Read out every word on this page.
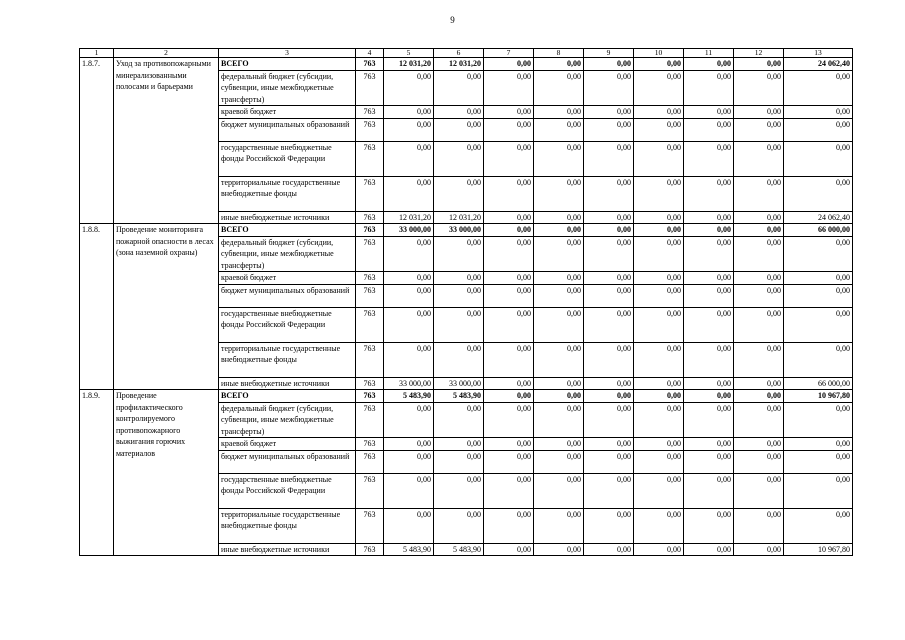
9
1	2	3	4	5	6	7	8	9	10	11	12	13
1.8.7.	Уход за противопожарными минерализованными полосами и барьерами	ВСЕГО	763	12 031,20	12 031,20	0,00	0,00	0,00	0,00	0,00	0,00	24 062,40
		федеральный бюджет (субсидии, субвенции, иные межбюджетные трансферты)	763	0,00	0,00	0,00	0,00	0,00	0,00	0,00	0,00	0,00
		краевой бюджет	763	0,00	0,00	0,00	0,00	0,00	0,00	0,00	0,00	0,00
		бюджет муниципальных образований	763	0,00	0,00	0,00	0,00	0,00	0,00	0,00	0,00	0,00
		государственные внебюджетные фонды Российской Федерации	763	0,00	0,00	0,00	0,00	0,00	0,00	0,00	0,00	0,00
		территориальные государственные внебюджетные фонды	763	0,00	0,00	0,00	0,00	0,00	0,00	0,00	0,00	0,00
		иные внебюджетные источники	763	12 031,20	12 031,20	0,00	0,00	0,00	0,00	0,00	0,00	24 062,40
1.8.8.	Проведение мониторинга пожарной опасности в лесах (зона наземной охраны)	ВСЕГО	763	33 000,00	33 000,00	0,00	0,00	0,00	0,00	0,00	0,00	66 000,00
		федеральный бюджет (субсидии, субвенции, иные межбюджетные трансферты)	763	0,00	0,00	0,00	0,00	0,00	0,00	0,00	0,00	0,00
		краевой бюджет	763	0,00	0,00	0,00	0,00	0,00	0,00	0,00	0,00	0,00
		бюджет муниципальных образований	763	0,00	0,00	0,00	0,00	0,00	0,00	0,00	0,00	0,00
		государственные внебюджетные фонды Российской Федерации	763	0,00	0,00	0,00	0,00	0,00	0,00	0,00	0,00	0,00
		территориальные государственные внебюджетные фонды	763	0,00	0,00	0,00	0,00	0,00	0,00	0,00	0,00	0,00
		иные внебюджетные источники	763	33 000,00	33 000,00	0,00	0,00	0,00	0,00	0,00	0,00	66 000,00
1.8.9.	Проведение профилактического контролируемого противопожарного выжигания горючих материалов	ВСЕГО	763	5 483,90	5 483,90	0,00	0,00	0,00	0,00	0,00	0,00	10 967,80
		федеральный бюджет (субсидии, субвенции, иные межбюджетные трансферты)	763	0,00	0,00	0,00	0,00	0,00	0,00	0,00	0,00	0,00
		краевой бюджет	763	0,00	0,00	0,00	0,00	0,00	0,00	0,00	0,00	0,00
		бюджет муниципальных образований	763	0,00	0,00	0,00	0,00	0,00	0,00	0,00	0,00	0,00
		государственные внебюджетные фонды Российской Федерации	763	0,00	0,00	0,00	0,00	0,00	0,00	0,00	0,00	0,00
		территориальные государственные внебюджетные фонды	763	0,00	0,00	0,00	0,00	0,00	0,00	0,00	0,00	0,00
		иные внебюджетные источники	763	5 483,90	5 483,90	0,00	0,00	0,00	0,00	0,00	0,00	10 967,80
